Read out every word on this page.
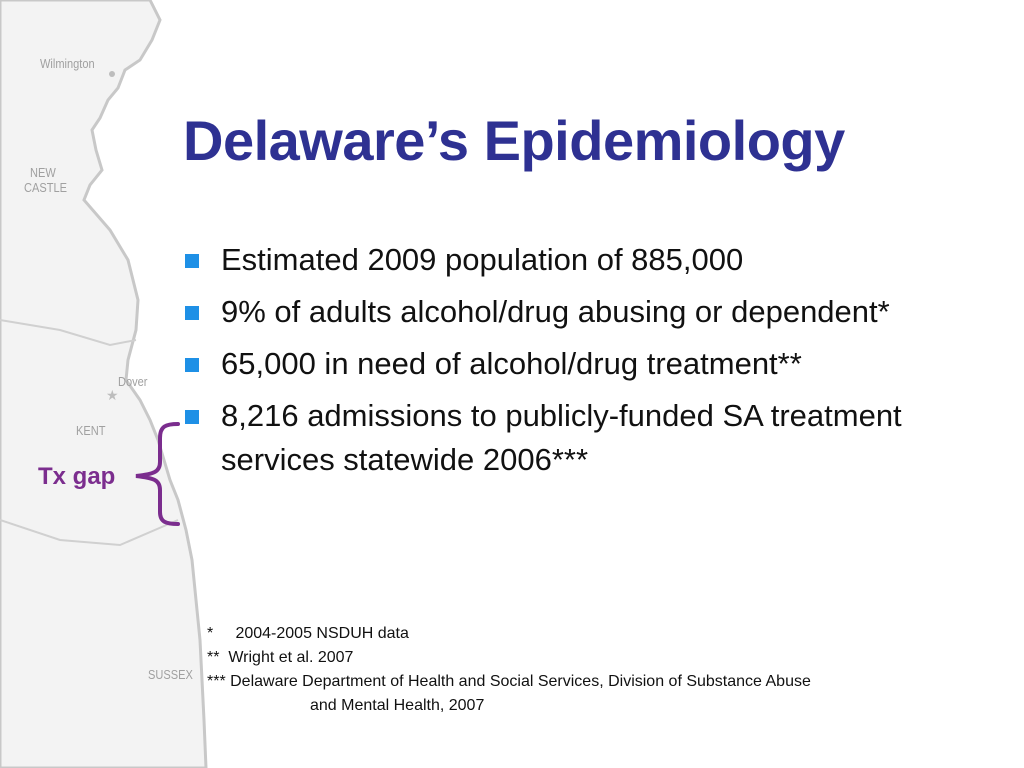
★
Wilmington
NEW
CASTLE
Dover
KENT
SUSSEX
Delaware’s Epidemiology
Estimated 2009 population of 885,000
9% of adults alcohol/drug abusing or dependent*
65,000 in need of alcohol/drug treatment**
8,216 admissions to publicly-funded SA treatment services statewide 2006***
Tx gap
*     2004-2005 NSDUH data
**  Wright et al. 2007
*** Delaware Department of Health and Social Services, Division of Substance Abuse
and Mental Health, 2007
